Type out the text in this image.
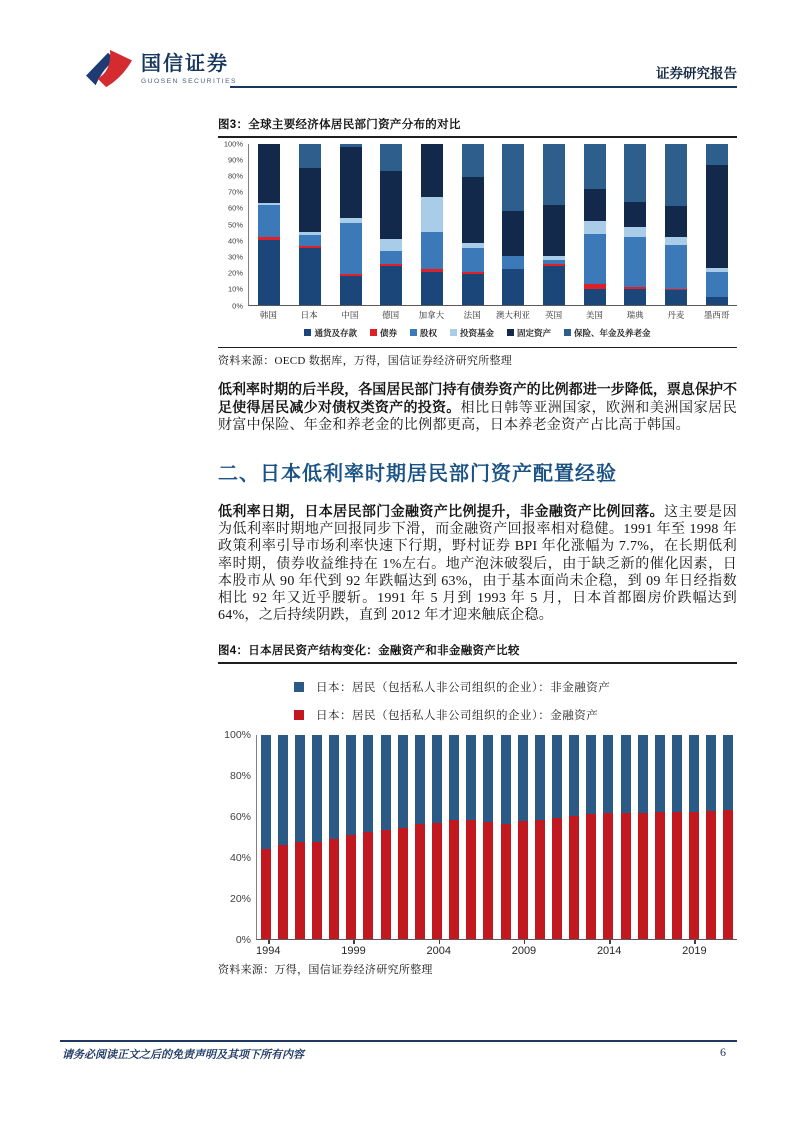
国信证券
GUOSEN SECURITIES	证券研究报告
图3：全球主要经济体居民部门资产分布的对比
0%
10%
20%
30%
40%
50%
60%
70%
80%
90%
100%
韩国	日本	中国	德国	加拿大	法国	澳大利亚	英国	美国	瑞典	丹麦	墨西哥
通货及存款	债券	股权	投资基金	固定资产	保险、年金及养老金
资料来源：OECD 数据库，万得，国信证券经济研究所整理

低利率时期的后半段，各国居民部门持有债券资产的比例都进一步降低，票息保护不足使得居民减少对债权类资产的投资。相比日韩等亚洲国家，欧洲和美洲国家居民财富中保险、年金和养老金的比例都更高，日本养老金资产占比高于韩国。

二、日本低利率时期居民部门资产配置经验

低利率日期，日本居民部门金融资产比例提升，非金融资产比例回落。这主要是因为低利率时期地产回报同步下滑，而金融资产回报率相对稳健。1991 年至 1998 年政策利率引导市场利率快速下行期，野村证券 BPI 年化涨幅为 7.7%，在长期低利率时期，债券收益维持在 1%左右。地产泡沫破裂后，由于缺乏新的催化因素，日本股市从 90 年代到 92 年跌幅达到 63%，由于基本面尚未企稳，到 09 年日经指数相比 92 年又近乎腰斩。1991 年 5 月到 1993 年 5 月，日本首都圈房价跌幅达到 64%，之后持续阴跌，直到 2012 年才迎来触底企稳。

图4：日本居民资产结构变化：金融资产和非金融资产比较
日本：居民（包括私人非公司组织的企业）：非金融资产
日本：居民（包括私人非公司组织的企业）：金融资产
0%
20%
40%
60%
80%
100%
1994	1999	2004	2009	2014	2019
资料来源：万得，国信证券经济研究所整理
请务必阅读正文之后的免责声明及其项下所有内容	6
